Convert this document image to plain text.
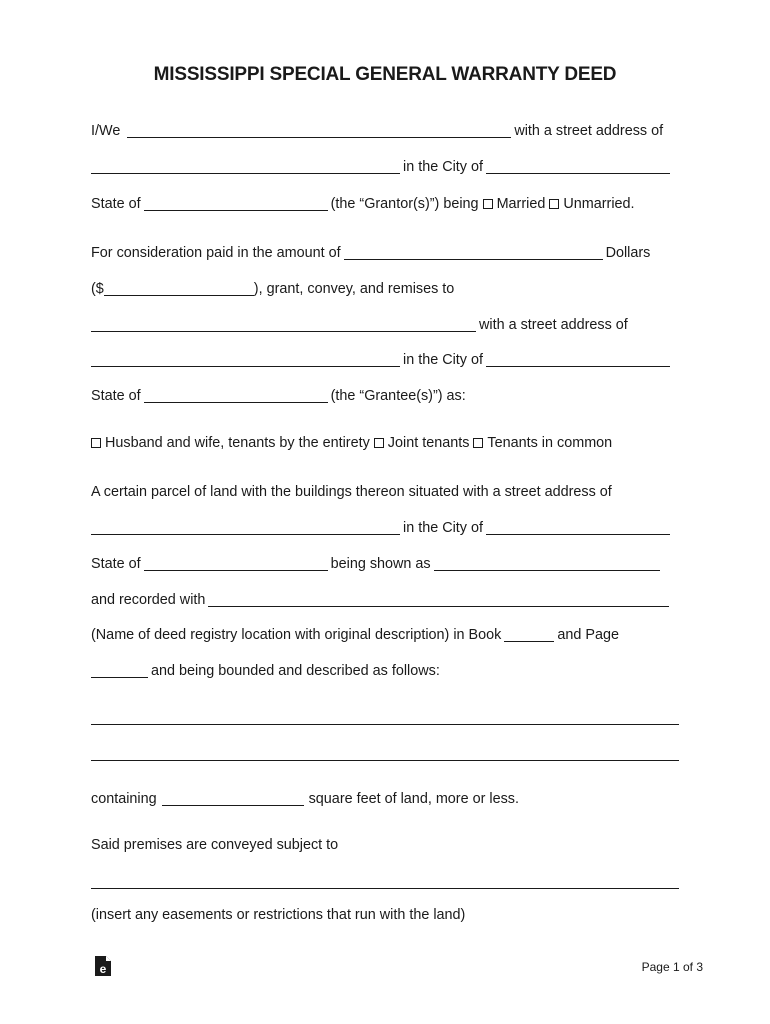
MISSISSIPPI SPECIAL GENERAL WARRANTY DEED
I/We	with a street address of
in the City of
State of	(the “Grantor(s)”) being Married Unmarried.
For consideration paid in the amount of	Dollars
($	), grant, convey, and remises to
with a street address of
in the City of
State of	(the “Grantee(s)”) as:
Husband and wife, tenants by the entirety Joint tenants Tenants in common
A certain parcel of land with the buildings thereon situated with a street address of
in the City of
State of	being shown as
and recorded with
(Name of deed registry location with original description) in Book	and Page
and being bounded and described as follows:
containing	square feet of land, more or less.
Said premises are conveyed subject to
(insert any easements or restrictions that run with the land)
e	Page 1 of 3
